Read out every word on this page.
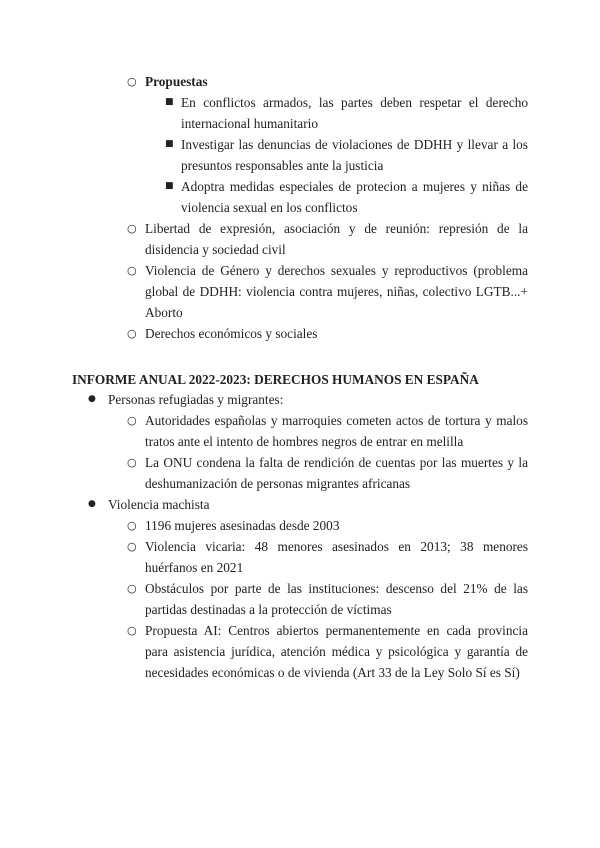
○ Propuestas
■ En conflictos armados, las partes deben respetar el derecho internacional humanitario
■ Investigar las denuncias de violaciones de DDHH y llevar a los presuntos responsables ante la justicia
■ Adoptra medidas especiales de protecion a mujeres y niñas de violencia sexual en los conflictos
○ Libertad de expresión, asociación y de reunión: represión de la disidencia y sociedad civil
○ Violencia de Género y derechos sexuales y reproductivos (problema global de DDHH: violencia contra mujeres, niñas, colectivo LGTB...+ Aborto
○ Derechos económicos y sociales
INFORME ANUAL 2022-2023: DERECHOS HUMANOS EN ESPAÑA
● Personas refugiadas y migrantes:
○ Autoridades españolas y marroquies cometen actos de tortura y malos tratos ante el intento de hombres negros de entrar en melilla
○ La ONU condena la falta de rendición de cuentas por las muertes y la deshumanización de personas migrantes africanas
● Violencia machista
○ 1196 mujeres asesinadas desde 2003
○ Violencia vicaria: 48 menores asesinados en 2013; 38 menores huérfanos en 2021
○ Obstáculos por parte de las instituciones: descenso del 21% de las partidas destinadas a la protección de víctimas
○ Propuesta AI: Centros abiertos permanentemente en cada provincia para asistencia jurídica, atención médica y psicológica y garantía de necesidades económicas o de vivienda (Art 33 de la Ley Solo Sí es Sí)
